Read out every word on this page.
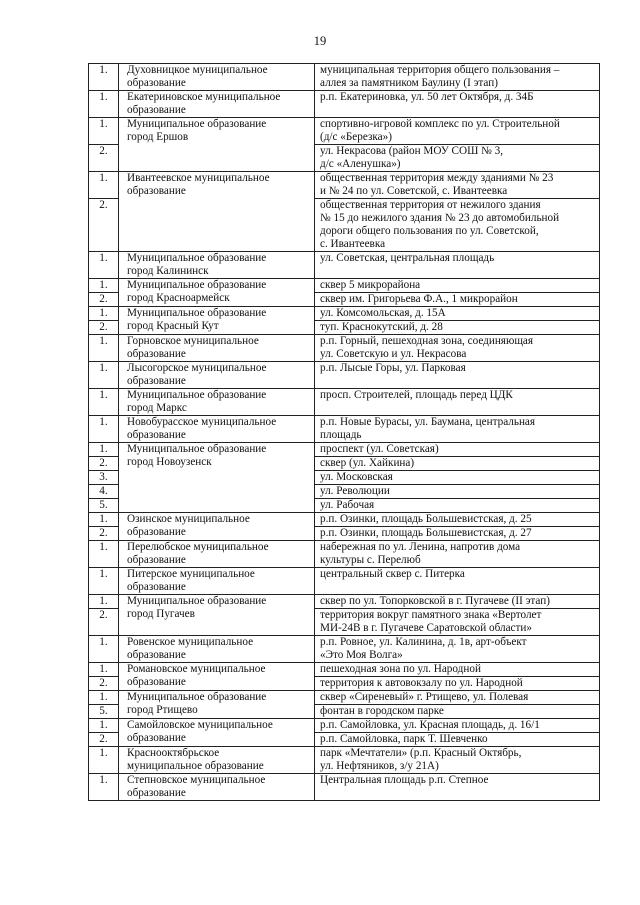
19
1.	Духовницкое муниципальное
образование	муниципальная территория общего пользования –
аллея за памятником Баулину (I этап)

1.	Екатериновское муниципальное
образование	р.п. Екатериновка, ул. 50 лет Октября, д. 34Б

1.	Муниципальное образование
город Ершов	спортивно-игровой комплекс по ул. Строительной
(д/с «Березка»)

2.		ул. Некрасова (район МОУ СОШ № 3,
д/с «Аленушка»)

1.	Ивантеевское муниципальное
образование	общественная территория между зданиями № 23
и № 24 по ул. Советской, с. Ивантеевка

2.		общественная территория от нежилого здания
№ 15 до нежилого здания № 23 до автомобильной
дороги общего пользования по ул. Советской,
с. Ивантеевка

1.	Муниципальное образование
город Калининск	ул. Советская, центральная площадь

1.	Муниципальное образование
город Красноармейск	сквер 5 микрорайона

2.		сквер им. Григорьева Ф.А., 1 микрорайон

1.	Муниципальное образование
город Красный Кут	ул. Комсомольская, д. 15А

2.		туп. Краснокутский, д. 28

1.	Горновское муниципальное
образование	р.п. Горный, пешеходная зона, соединяющая
ул. Советскую и ул. Некрасова

1.	Лысогорское муниципальное
образование	р.п. Лысые Горы, ул. Парковая

1.	Муниципальное образование
город Маркс	просп. Строителей, площадь перед ЦДК

1.	Новобурасское муниципальное
образование	р.п. Новые Бурасы, ул. Баумана, центральная
площадь

1.	Муниципальное образование
город Новоузенск	проспект (ул. Советская)

2.		сквер (ул. Хайкина)

3.		ул. Московская

4.		ул. Революции

5.		ул. Рабочая

1.	Озинское муниципальное
образование	р.п. Озинки, площадь Большевистская, д. 25

2.		р.п. Озинки, площадь Большевистская, д. 27

1.	Перелюбское муниципальное
образование	набережная по ул. Ленина, напротив дома
культуры с. Перелюб

1.	Питерское муниципальное
образование	центральный сквер с. Питерка

1.	Муниципальное образование
город Пугачев	сквер по ул. Топорковской в г. Пугачеве (II этап)

2.		территория вокруг памятного знака «Вертолет
МИ-24В в г. Пугачеве Саратовской области»

1.	Ровенское муниципальное
образование	р.п. Ровное, ул. Калинина, д. 1в, арт-объект
«Это Моя Волга»

1.	Романовское муниципальное
образование	пешеходная зона по ул. Народной

2.		территория к автовокзалу по ул. Народной

1.	Муниципальное образование
город Ртищево	сквер «Сиреневый» г. Ртищево, ул. Полевая

5.		фонтан в городском парке

1.	Самойловское муниципальное
образование	р.п. Самойловка, ул. Красная площадь, д. 16/1

2.		р.п. Самойловка, парк Т. Шевченко

1.	Краснооктябрьское
муниципальное образование	парк «Мечтатели» (р.п. Красный Октябрь,
ул. Нефтяников, з/у 21А)

1.	Степновское муниципальное
образование	Центральная площадь р.п. Степное
